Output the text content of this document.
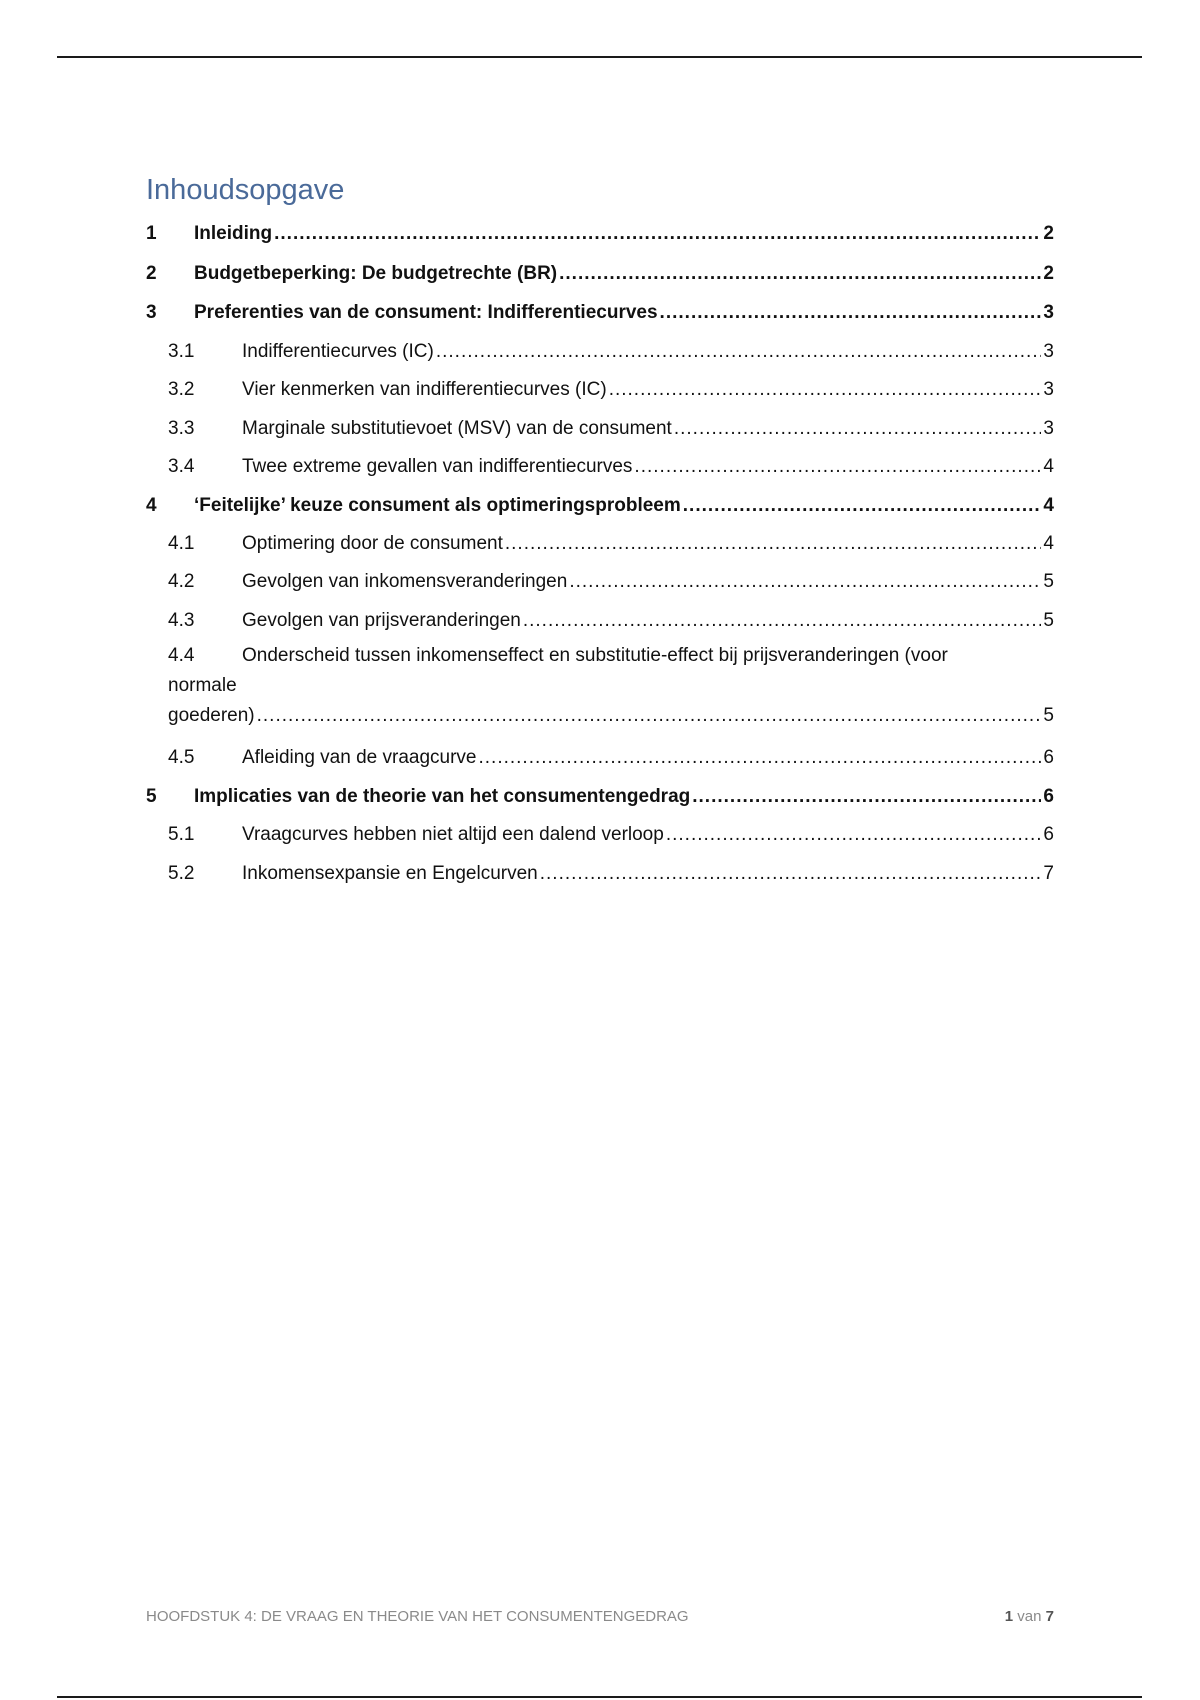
Inhoudsopgave
1	Inleiding .....	2
2	Budgetbeperking: De budgetrechte (BR) .....	2
3	Preferenties van de consument: Indifferentiecurves .....	3
3.1	Indifferentiecurves (IC) .....	3
3.2	Vier kenmerken van indifferentiecurves (IC) .....	3
3.3	Marginale substitutievoet (MSV) van de consument .....	3
3.4	Twee extreme gevallen van indifferentiecurves .....	4
4	‘Feitelijke’ keuze consument als optimeringsprobleem .....	4
4.1	Optimering door de consument .....	4
4.2	Gevolgen van inkomensveranderingen .....	5
4.3	Gevolgen van prijsveranderingen .....	5
4.4	Onderscheid tussen inkomenseffect en substitutie-effect bij prijsveranderingen (voor
normale goederen) .....	5
4.5	Afleiding van de vraagcurve .....	6
5	Implicaties van de theorie van het consumentengedrag .....	6
5.1	Vraagcurves hebben niet altijd een dalend verloop .....	6
5.2	Inkomensexpansie en Engelcurven .....	7
HOOFDSTUK 4: DE VRAAG EN THEORIE VAN HET CONSUMENTENGEDRAG	1 van 7
